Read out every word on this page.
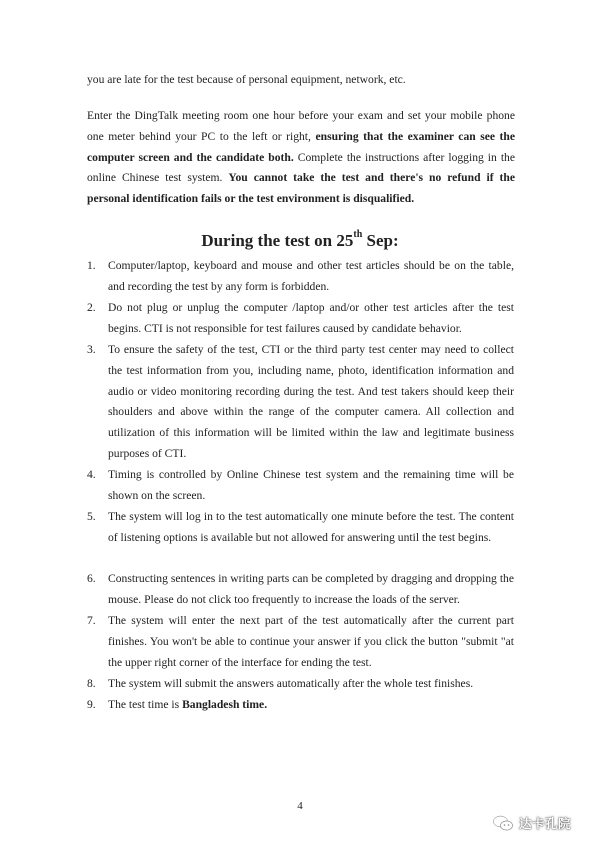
you are late for the test because of personal equipment, network, etc.
Enter the DingTalk meeting room one hour before your exam and set your mobile phone one meter behind your PC to the left or right, ensuring that the examiner can see the computer screen and the candidate both. Complete the instructions after logging in the online Chinese test system. You cannot take the test and there's no refund if the personal identification fails or the test environment is disqualified.
During the test on 25th Sep:
1. Computer/laptop, keyboard and mouse and other test articles should be on the table, and recording the test by any form is forbidden.
2. Do not plug or unplug the computer /laptop and/or other test articles after the test begins. CTI is not responsible for test failures caused by candidate behavior.
3. To ensure the safety of the test, CTI or the third party test center may need to collect the test information from you, including name, photo, identification information and audio or video monitoring recording during the test. And test takers should keep their shoulders and above within the range of the computer camera. All collection and utilization of this information will be limited within the law and legitimate business purposes of CTI.
4. Timing is controlled by Online Chinese test system and the remaining time will be shown on the screen.
5. The system will log in to the test automatically one minute before the test. The content of listening options is available but not allowed for answering until the test begins.
6. Constructing sentences in writing parts can be completed by dragging and dropping the mouse. Please do not click too frequently to increase the loads of the server.
7. The system will enter the next part of the test automatically after the current part finishes. You won't be able to continue your answer if you click the button "submit "at the upper right corner of the interface for ending the test.
8. The system will submit the answers automatically after the whole test finishes.
9. The test time is Bangladesh time.
4
达卡孔院
